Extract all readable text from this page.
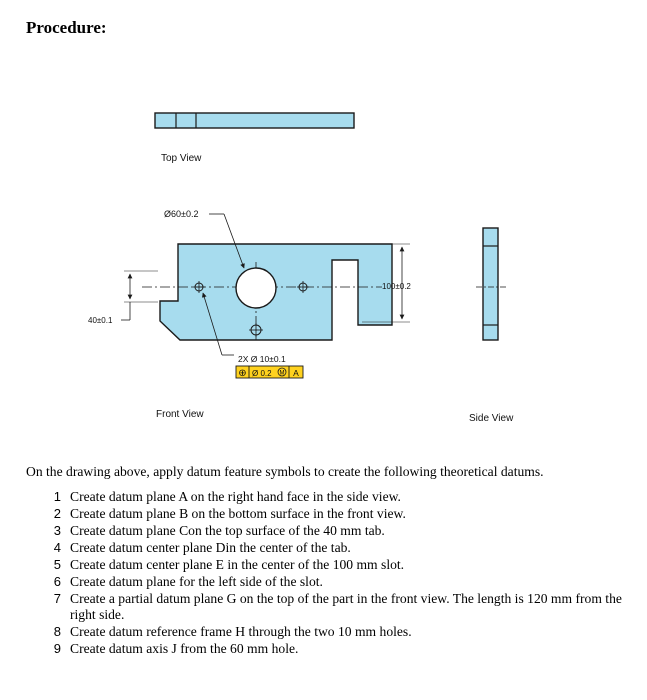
Procedure:
Top View
Ø60±0.2
100±0.2
40±0.1
2X Ø 10±0.1
⊕ Ø 0.2 M A
Front View	Side View

On the drawing above, apply datum feature symbols to create the following theoretical datums.

1 Create datum plane A on the right hand face in the side view.
2 Create datum plane B on the bottom surface in the front view.
3 Create datum plane Con the top surface of the 40 mm tab.
4 Create datum center plane Din the center of the tab.
5 Create datum center plane E in the center of the 100 mm slot.
6 Create datum plane for the left side of the slot.
7 Create a partial datum plane G on the top of the part in the front view. The length is 120 mm from the right side.
8 Create datum reference frame H through the two 10 mm holes.
9 Create datum axis J from the 60 mm hole.
